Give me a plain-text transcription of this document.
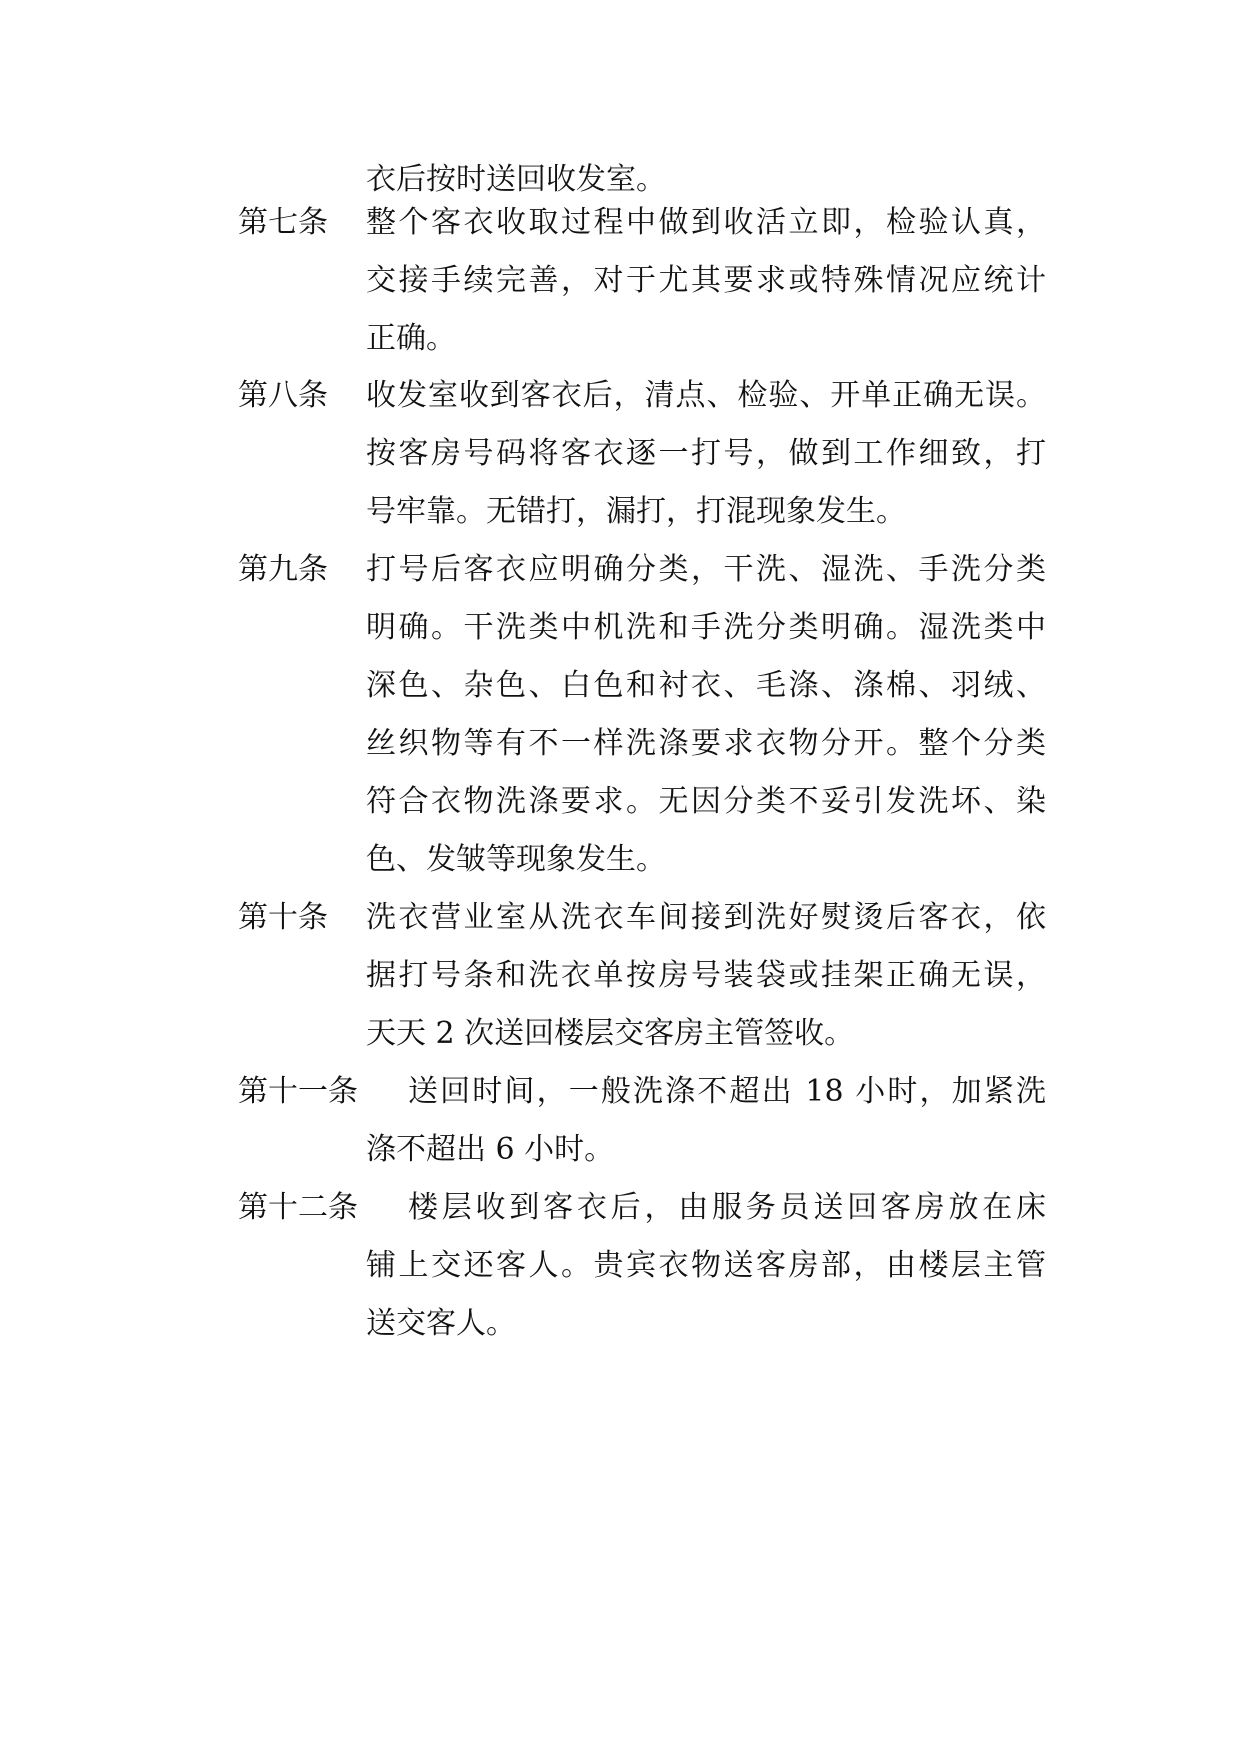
衣后按时送回收发室。
第七条 整个客衣收取过程中做到收活立即，检验认真，
交接手续完善，对于尤其要求或特殊情况应统计
正确。
第八条 收发室收到客衣后，清点、检验、开单正确无误。
按客房号码将客衣逐一打号，做到工作细致，打
号牢靠。无错打，漏打，打混现象发生。
第九条 打号后客衣应明确分类，干洗、湿洗、手洗分类
明确。干洗类中机洗和手洗分类明确。湿洗类中
深色、杂色、白色和衬衣、毛涤、涤棉、羽绒、
丝织物等有不一样洗涤要求衣物分开。整个分类
符合衣物洗涤要求。无因分类不妥引发洗坏、染
色、发皱等现象发生。
第十条 洗衣营业室从洗衣车间接到洗好熨烫后客衣，依
据打号条和洗衣单按房号装袋或挂架正确无误，
天天 2 次送回楼层交客房主管签收。
第十一条 送回时间，一般洗涤不超出 18 小时，加紧洗
涤不超出 6 小时。
第十二条 楼层收到客衣后，由服务员送回客房放在床
铺上交还客人。贵宾衣物送客房部，由楼层主管
送交客人。
